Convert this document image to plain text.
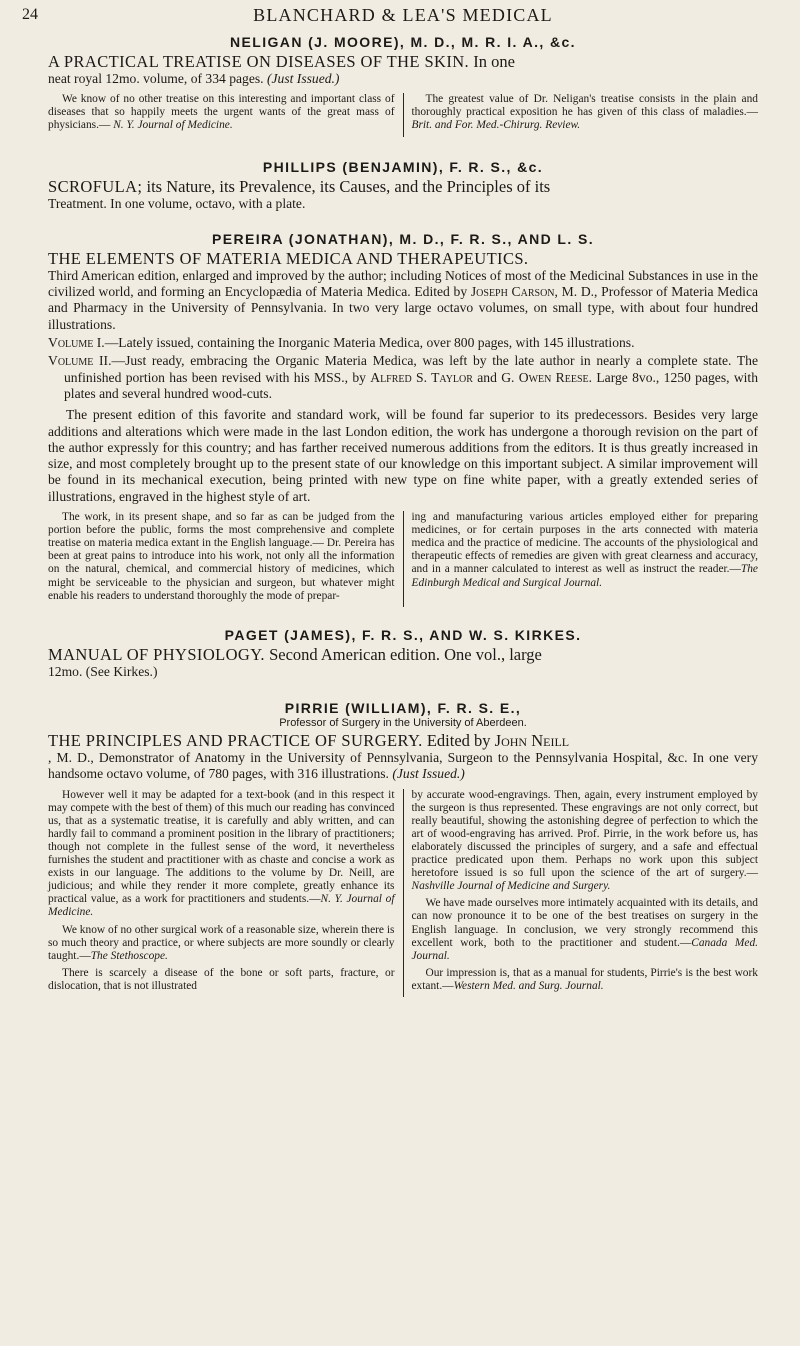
24	BLANCHARD & LEA'S MEDICAL

NELIGAN (J. MOORE), M. D., M. R. I. A., &c.

A PRACTICAL TREATISE ON DISEASES OF THE SKIN. In one

neat royal 12mo. volume, of 334 pages. (Just Issued.)

We know of no other treatise on this interesting and important class of diseases that so happily meets the urgent wants of the great mass of physicians.— N. Y. Journal of Medicine.

The greatest value of Dr. Neligan's treatise consists in the plain and thoroughly practical exposition he has given of this class of maladies.—Brit. and For. Med.-Chirurg. Review.

PHILLIPS (BENJAMIN), F. R. S., &c.

SCROFULA; its Nature, its Prevalence, its Causes, and the Principles of its

Treatment. In one volume, octavo, with a plate.

PEREIRA (JONATHAN), M. D., F. R. S., AND L. S.

THE ELEMENTS OF MATERIA MEDICA AND THERAPEUTICS.

Third American edition, enlarged and improved by the author; including Notices of most of the Medicinal Substances in use in the civilized world, and forming an Encyclopædia of Materia Medica. Edited by Joseph Carson, M. D., Professor of Materia Medica and Pharmacy in the University of Pennsylvania. In two very large octavo volumes, on small type, with about four hundred illustrations.

Volume I.—Lately issued, containing the Inorganic Materia Medica, over 800 pages, with 145 illustrations.

Volume II.—Just ready, embracing the Organic Materia Medica, was left by the late author in nearly a complete state. The unfinished portion has been revised with his MSS., by Alfred S. Taylor and G. Owen Reese. Large 8vo., 1250 pages, with plates and several hundred wood-cuts.

The present edition of this favorite and standard work, will be found far superior to its predecessors. Besides very large additions and alterations which were made in the last London edition, the work has undergone a thorough revision on the part of the author expressly for this country; and has farther received numerous additions from the editors. It is thus greatly increased in size, and most completely brought up to the present state of our knowledge on this important subject. A similar improvement will be found in its mechanical execution, being printed with new type on fine white paper, with a greatly extended series of illustrations, engraved in the highest style of art.

The work, in its present shape, and so far as can be judged from the portion before the public, forms the most comprehensive and complete treatise on materia medica extant in the English language.— Dr. Pereira has been at great pains to introduce into his work, not only all the information on the natural, chemical, and commercial history of medicines, which might be serviceable to the physician and surgeon, but whatever might enable his readers to understand thoroughly the mode of prepar-

ing and manufacturing various articles employed either for preparing medicines, or for certain purposes in the arts connected with materia medica and the practice of medicine. The accounts of the physiological and therapeutic effects of remedies are given with great clearness and accuracy, and in a manner calculated to interest as well as instruct the reader.—The Edinburgh Medical and Surgical Journal.

PAGET (JAMES), F. R. S., AND W. S. KIRKES.

MANUAL OF PHYSIOLOGY. Second American edition. One vol., large

12mo. (See Kirkes.)

PIRRIE (WILLIAM), F. R. S. E.,

Professor of Surgery in the University of Aberdeen.

THE PRINCIPLES AND PRACTICE OF SURGERY. Edited by John Neill

, M. D., Demonstrator of Anatomy in the University of Pennsylvania, Surgeon to the Pennsylvania Hospital, &c. In one very handsome octavo volume, of 780 pages, with 316 illustrations. (Just Issued.)

However well it may be adapted for a text-book (and in this respect it may compete with the best of them) of this much our reading has convinced us, that as a systematic treatise, it is carefully and ably written, and can hardly fail to command a prominent position in the library of practitioners; though not complete in the fullest sense of the word, it nevertheless furnishes the student and practitioner with as chaste and concise a work as exists in our language. The additions to the volume by Dr. Neill, are judicious; and while they render it more complete, greatly enhance its practical value, as a work for practitioners and students.—N. Y. Journal of Medicine.

We know of no other surgical work of a reasonable size, wherein there is so much theory and practice, or where subjects are more soundly or clearly taught.—The Stethoscope.

There is scarcely a disease of the bone or soft parts, fracture, or dislocation, that is not illustrated

by accurate wood-engravings. Then, again, every instrument employed by the surgeon is thus represented. These engravings are not only correct, but really beautiful, showing the astonishing degree of perfection to which the art of wood-engraving has arrived. Prof. Pirrie, in the work before us, has elaborately discussed the principles of surgery, and a safe and effectual practice predicated upon them. Perhaps no work upon this subject heretofore issued is so full upon the science of the art of surgery.—Nashville Journal of Medicine and Surgery.

We have made ourselves more intimately acquainted with its details, and can now pronounce it to be one of the best treatises on surgery in the English language. In conclusion, we very strongly recommend this excellent work, both to the practitioner and student.—Canada Med. Journal.

Our impression is, that as a manual for students, Pirrie's is the best work extant.—Western Med. and Surg. Journal.
